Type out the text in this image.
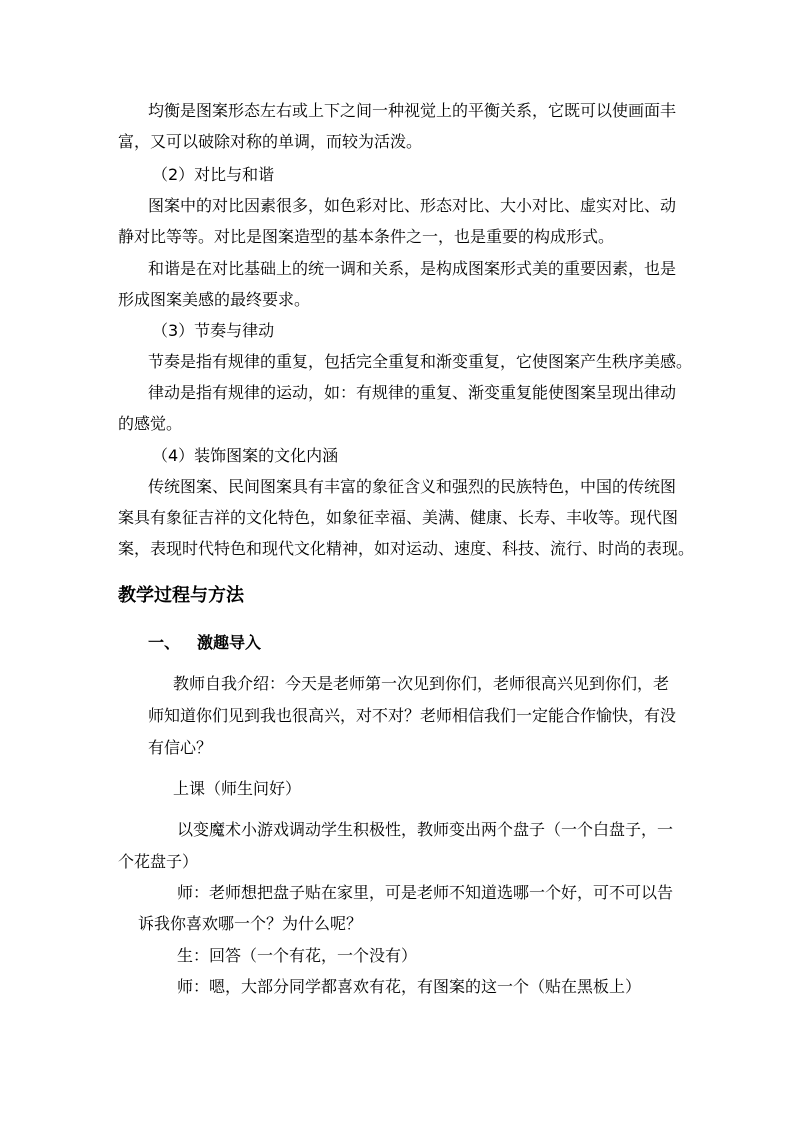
均衡是图案形态左右或上下之间一种视觉上的平衡关系，它既可以使画面丰
富，又可以破除对称的单调，而较为活泼。
（2）对比与和谐
图案中的对比因素很多，如色彩对比、形态对比、大小对比、虚实对比、动
静对比等等。对比是图案造型的基本条件之一，也是重要的构成形式。
和谐是在对比基础上的统一调和关系，是构成图案形式美的重要因素，也是
形成图案美感的最终要求。
（3）节奏与律动
节奏是指有规律的重复，包括完全重复和渐变重复，它使图案产生秩序美感。
律动是指有规律的运动，如：有规律的重复、渐变重复能使图案呈现出律动
的感觉。
（4）装饰图案的文化内涵
传统图案、民间图案具有丰富的象征含义和强烈的民族特色，中国的传统图
案具有象征吉祥的文化特色，如象征幸福、美满、健康、长寿、丰收等。现代图
案，表现时代特色和现代文化精神，如对运动、速度、科技、流行、时尚的表现。
教学过程与方法
一、 激趣导入
教师自我介绍：今天是老师第一次见到你们，老师很高兴见到你们，老
师知道你们见到我也很高兴，对不对？老师相信我们一定能合作愉快，有没
有信心？
上课（师生问好）
以变魔术小游戏调动学生积极性，教师变出两个盘子（一个白盘子，一
个花盘子）
师：老师想把盘子贴在家里，可是老师不知道选哪一个好，可不可以告
诉我你喜欢哪一个？为什么呢？
生：回答（一个有花，一个没有）
师：嗯，大部分同学都喜欢有花，有图案的这一个（贴在黑板上）
